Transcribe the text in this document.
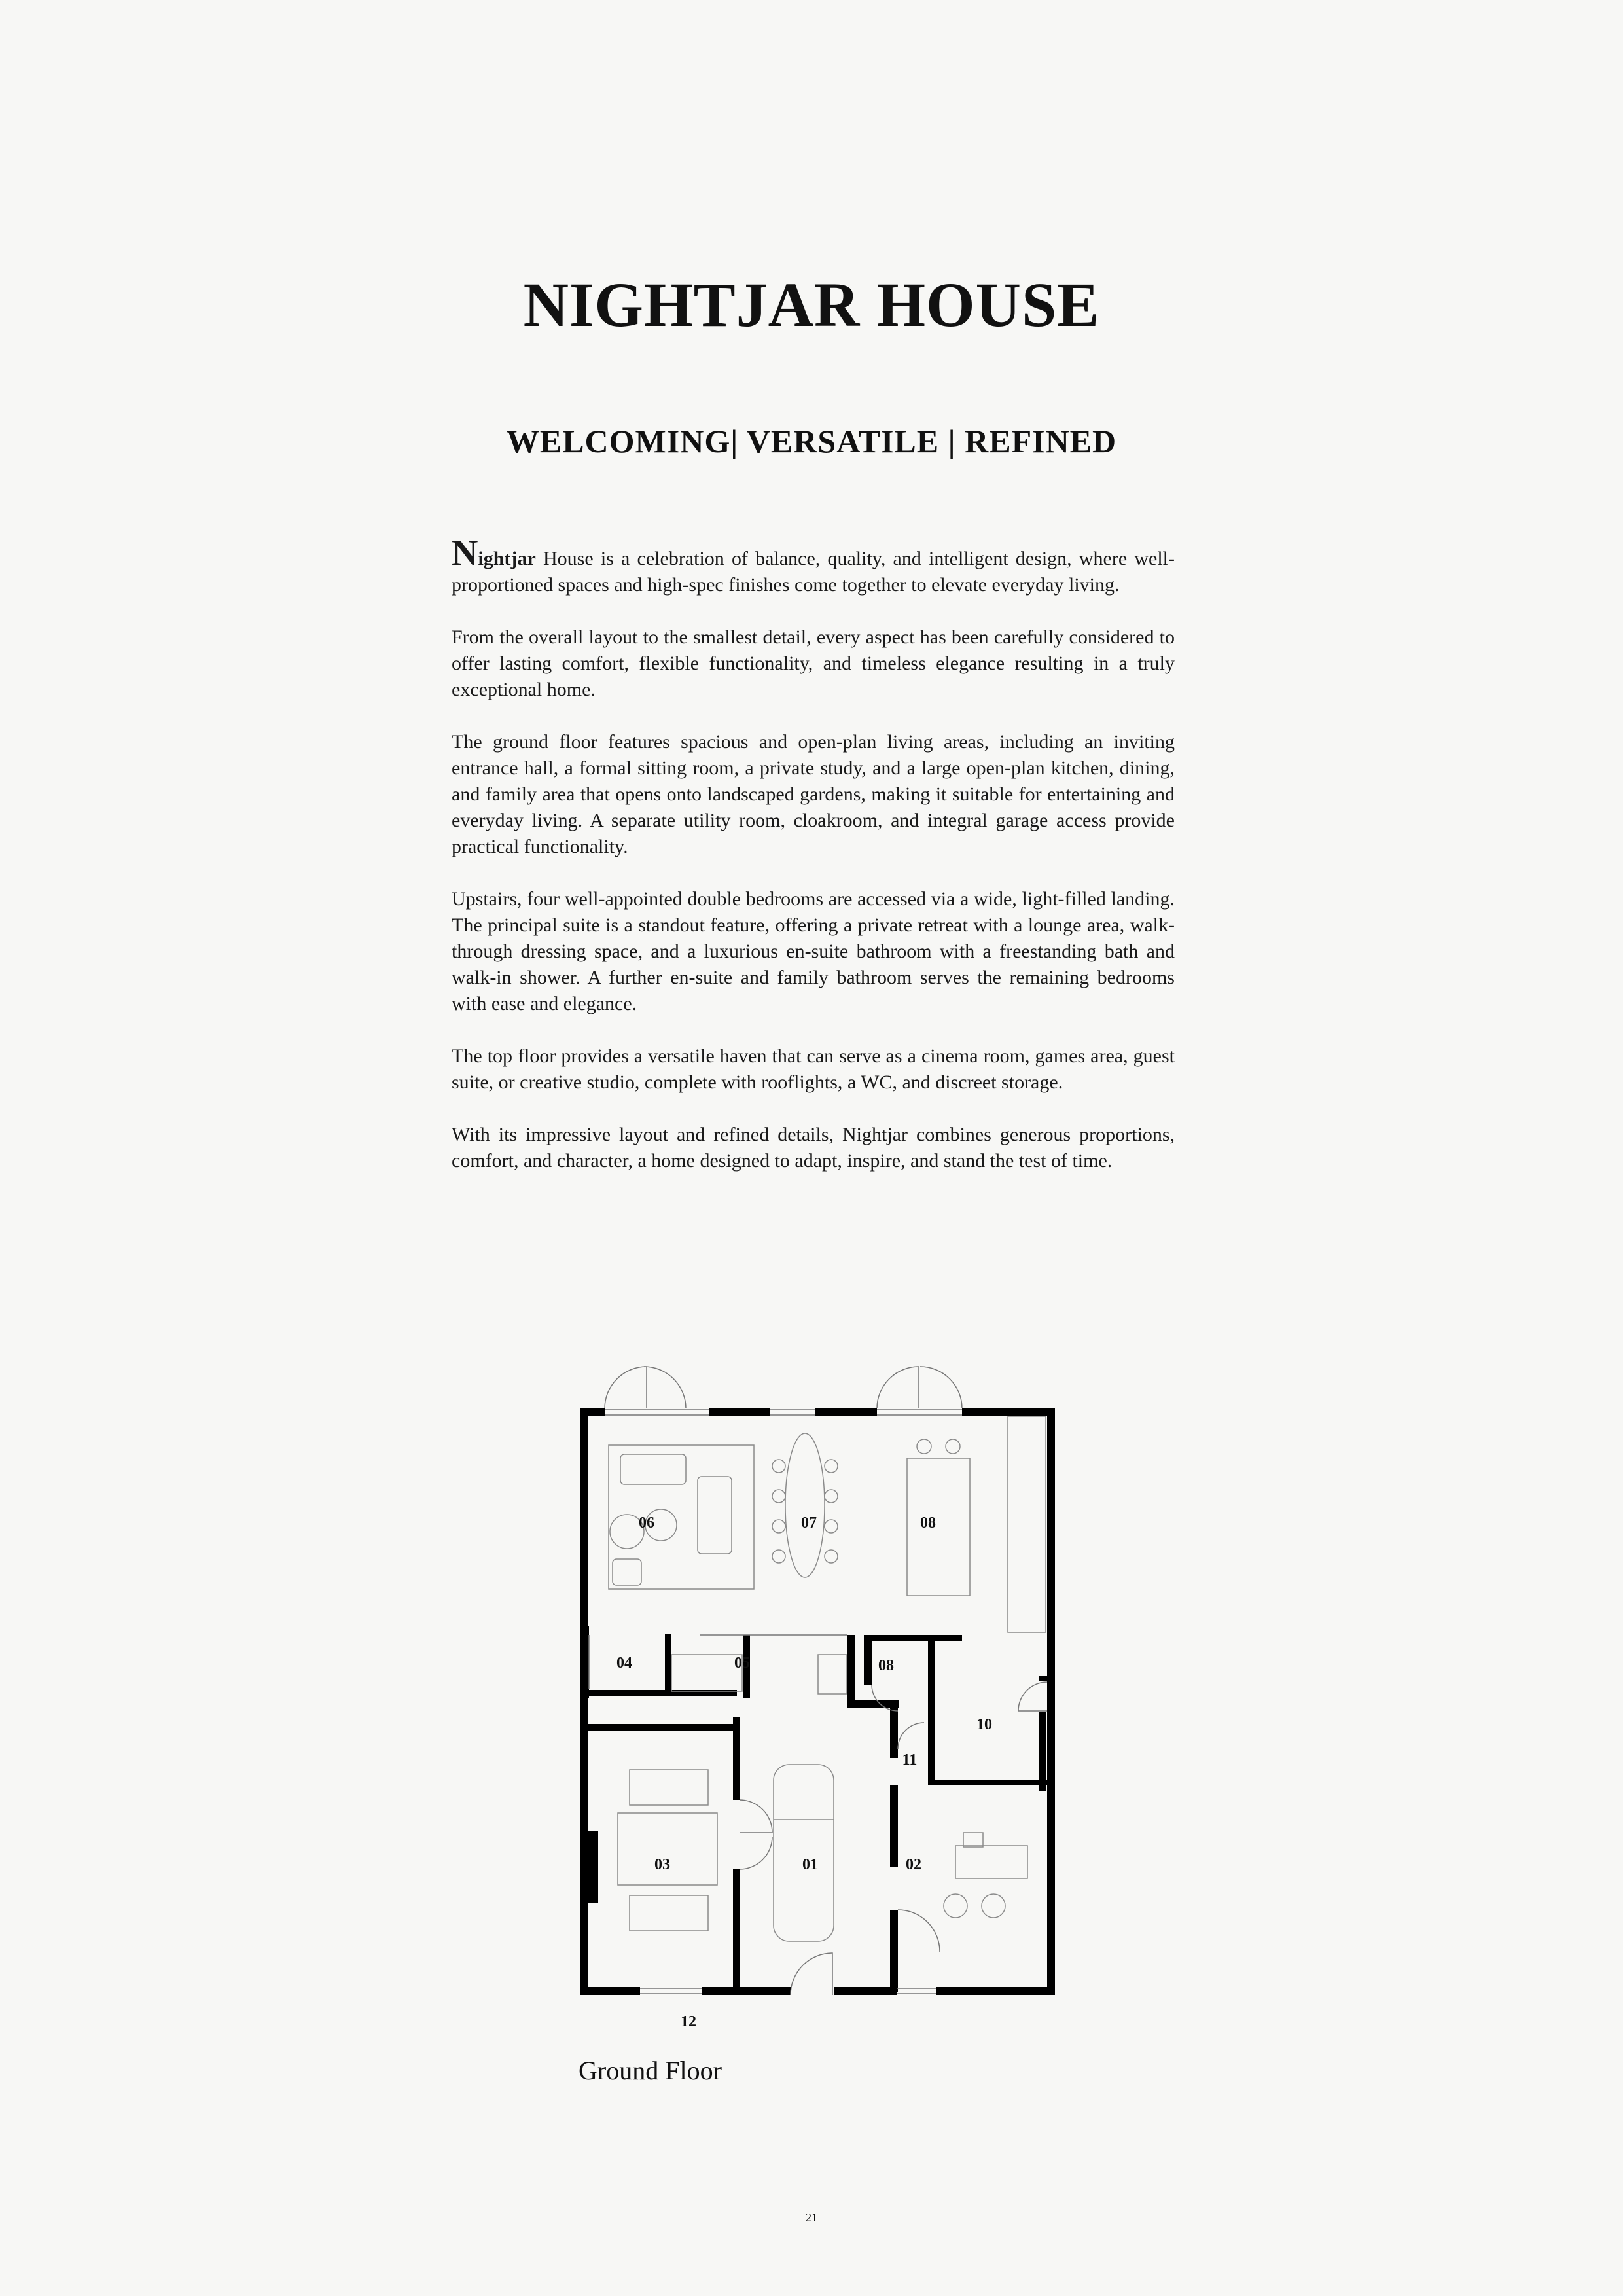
NIGHTJAR HOUSE
WELCOMING| VERSATILE | REFINED

Nightjar House is a celebration of balance, quality, and intelligent design, where well-proportioned spaces and high-spec finishes come together to elevate everyday living.

From the overall layout to the smallest detail, every aspect has been carefully considered to offer lasting comfort, flexible functionality, and timeless elegance resulting in a truly exceptional home.

The ground floor features spacious and open-plan living areas, including an inviting entrance hall, a formal sitting room, a private study, and a large open-plan kitchen, dining, and family area that opens onto landscaped gardens, making it suitable for entertaining and everyday living. A separate utility room, cloakroom, and integral garage access provide practical functionality.

Upstairs, four well-appointed double bedrooms are accessed via a wide, light-filled landing. The principal suite is a standout feature, offering a private retreat with a lounge area, walk-through dressing space, and a luxurious en-suite bathroom with a freestanding bath and walk-in shower. A further en-suite and family bathroom serves the remaining bedrooms with ease and elegance.

The top floor provides a versatile haven that can serve as a cinema room, games area, guest suite, or creative studio, complete with rooflights, a WC, and discreet storage.

With its impressive layout and refined details, Nightjar combines generous proportions, comfort, and character, a home designed to adapt, inspire, and stand the test of time.

06	07	08
04	05	08
10
11
03	01	02
12

Ground Floor

21
